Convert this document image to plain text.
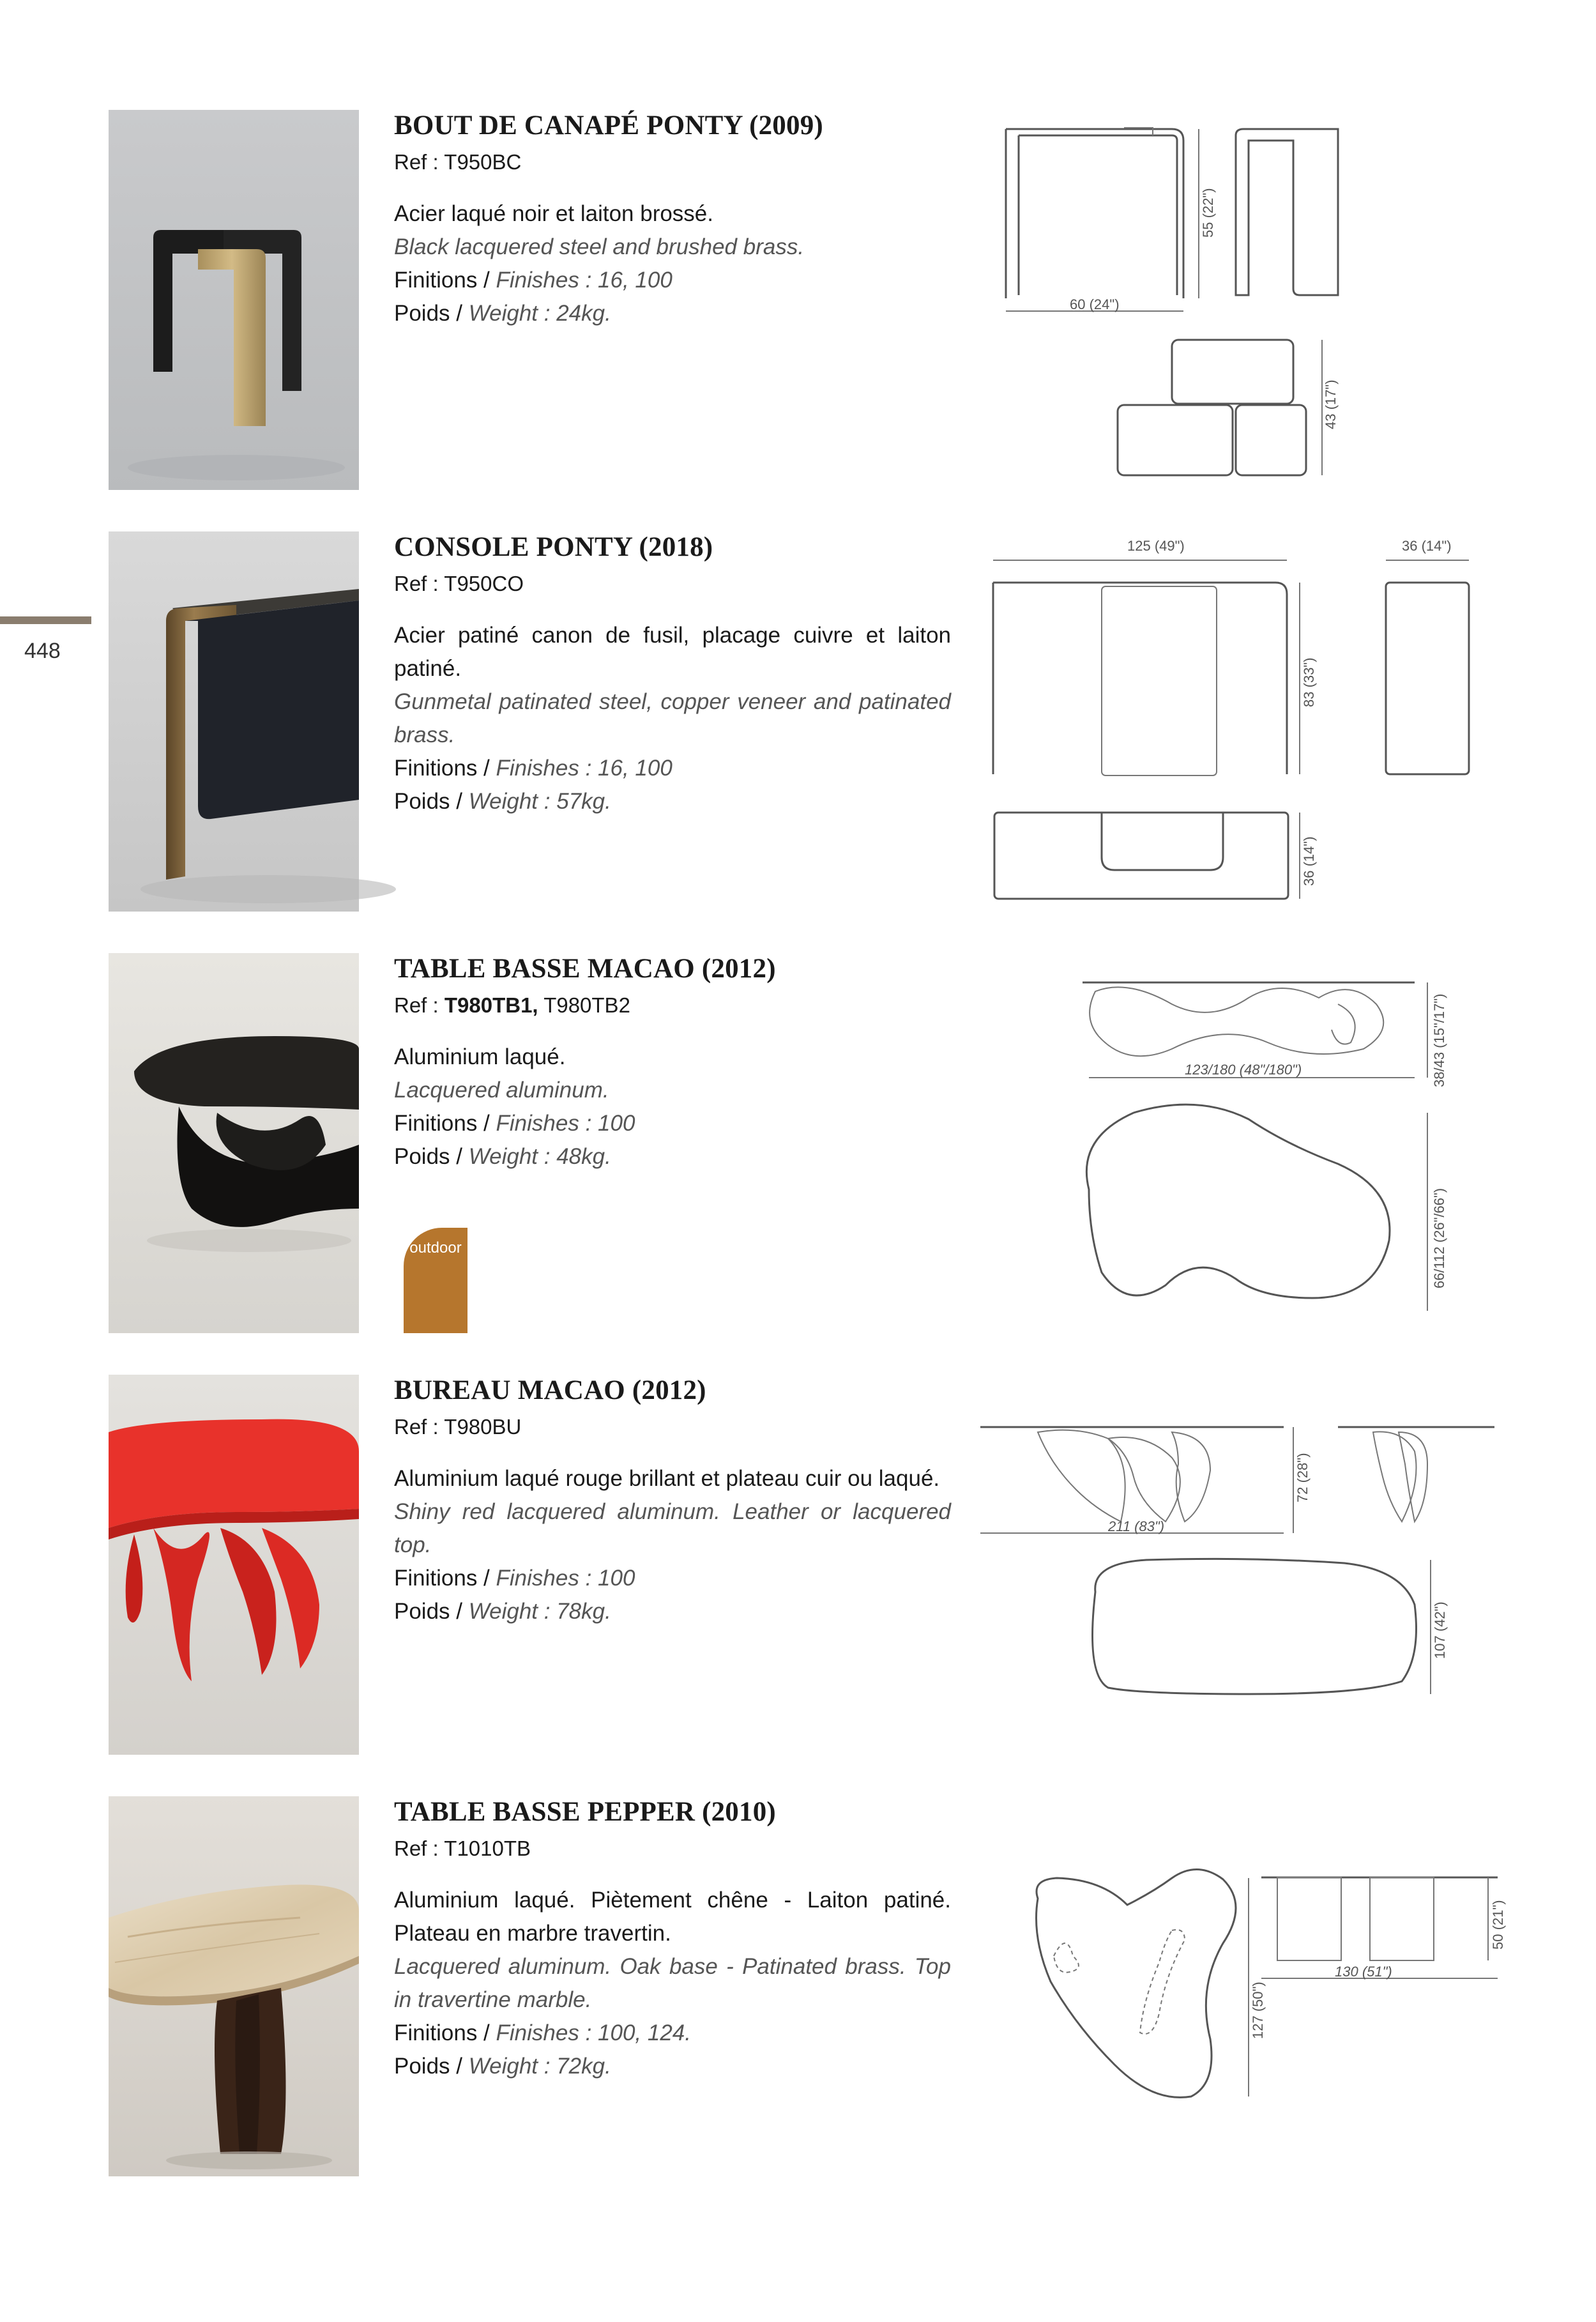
448
BOUT DE CANAPÉ PONTY (2009)

Ref : T950BC

Acier laqué noir et laiton brossé.

Black lacquered steel and brushed brass.

Finitions / Finishes : 16, 100

Poids / Weight : 24kg.	60 (24")
55 (22")
43 (17")
CONSOLE PONTY (2018)

Ref : T950CO

Acier patiné canon de fusil, placage cuivre et laiton patiné.

Gunmetal patinated steel, copper veneer and patinated brass.

Finitions / Finishes : 16, 100

Poids / Weight : 57kg.

125 (49")
83 (33")
36 (14")
36 (14")
outdoor
TABLE BASSE MACAO (2012)

Ref : T980TB1, T980TB2

Aluminium laqué.

Lacquered aluminum.

Finitions / Finishes : 100

Poids / Weight : 48kg.

123/180 (48"/180")	38/43 (15"/17")
66/112 (26"/66")
BUREAU MACAO (2012)

Ref : T980BU

Aluminium laqué rouge brillant et plateau cuir ou laqué.

Shiny red lacquered aluminum. Leather or lacquered top.

Finitions / Finishes : 100

Poids / Weight : 78kg.

211 (83")
72 (28")
107 (42")
TABLE BASSE PEPPER (2010)

Ref : T1010TB

Aluminium laqué. Piètement chêne - Laiton patiné. Plateau en marbre travertin.

Lacquered aluminum. Oak base - Patinated brass. Top in travertine marble.

Finitions / Finishes : 100, 124.

Poids / Weight : 72kg.

127 (50")
130 (51")
50 (21")
